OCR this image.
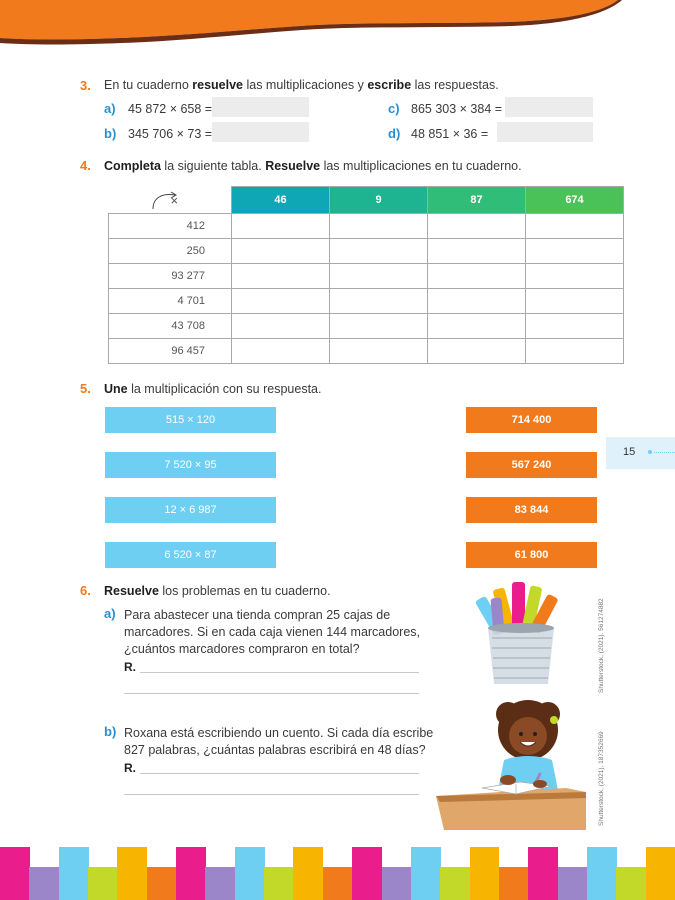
3. En tu cuaderno resuelve las multiplicaciones y escribe las respuestas.
a) 45 872 × 658 =	c) 865 303 × 384 =
b) 345 706 × 73 =	d) 48 851 × 36 =
4. Completa la siguiente tabla. Resuelve las multiplicaciones en tu cuaderno.
×	46	9	87	674
412				
250				
93 277				
4 701				
43 708				
96 457				
5. Une la multiplicación con su respuesta.
515 × 120
7 520 × 95
12 × 6 987
6 520 × 87
714 400
567 240
83 844
61 800
15
6. Resuelve los problemas en tu cuaderno.
a) Para abastecer una tienda compran 25 cajas de
marcadores. Si en cada caja vienen 144 marcadores,
¿cuántos marcadores compraron en total?
R.
b) Roxana está escribiendo un cuento. Si cada día escribe
827 palabras, ¿cuántas palabras escribirá en 48 días?
R.
Shutterstock, (2021). 561274882
Shutterstock, (2021). 187352669
